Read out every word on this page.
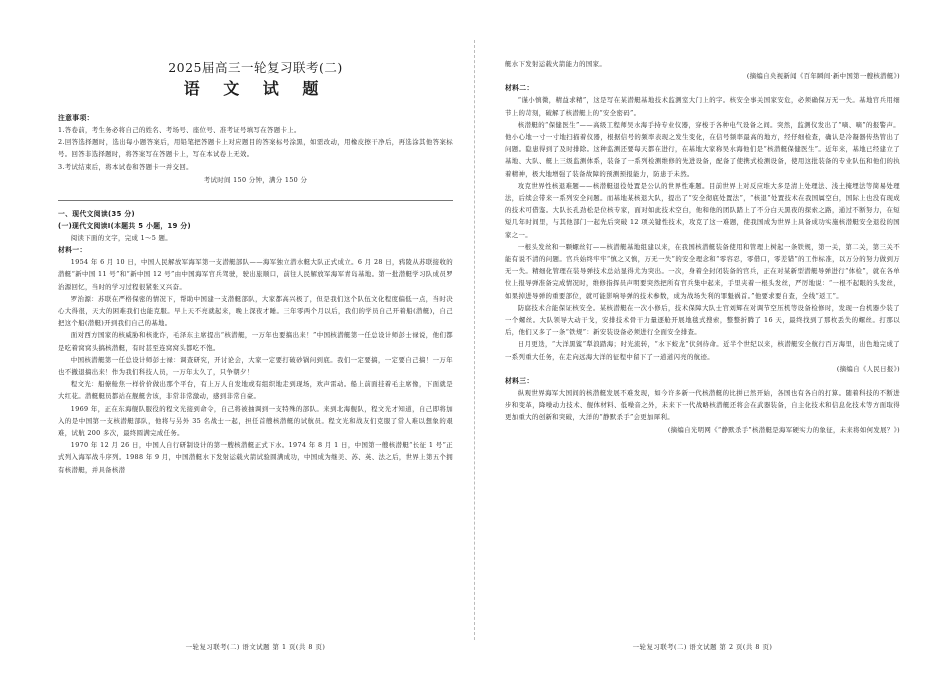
2025届高三一轮复习联考(二)
语 文 试 题

注意事项：

1.答卷前，考生务必将自己的姓名、考场号、座位号、准考证号填写在答题卡上。

2.回答选择题时，选出每小题答案后，用铅笔把答题卡上对应题目的答案标号涂黑，如需改动，用橡皮擦干净后，再选涂其他答案标号。回答非选择题时，将答案写在答题卡上，写在本试卷上无效。

3.考试结束后，将本试卷和答题卡一并交回。

考试时间 150 分钟，满分 150 分

一、现代文阅读(35 分)

(一)现代文阅读Ⅰ(本题共 5 小题，19 分)

阅读下面的文字，完成 1～5 题。

材料一：

1954 年 6 月 10 日，中国人民解放军海军第一支潜艇部队——海军独立潜水艇大队正式成立。6 月 28 日，鸦陵从苏联接收的潜艇“新中国 11 号”和“新中国 12 号”由中国海军官兵驾驶，驶出旅顺口，前往人民解放军海军青岛基地。第一批潜艇学习队成员罗治源回忆，当时的学习过程很紧张又兴奋。

罗治源：苏联在严格保密的情况下，帮助中国建一支潜艇部队，大家都高兴极了，但是我们这个队伍文化程度偏低一点，当时决心大得很，天大的困难我们也能克服。早上天不亮就起来，晚上深夜才睡。三年零两个月以后，我们的学员自己开着船(潜艇)，自己把这个船(潜艇)开到我们自己的基地。

面对西方国家的核威胁和核讹诈，毛泽东主席提出“核潜艇，一万年也要搞出来！”中国核潜艇第一任总设计师彭士禄说，他们都是吃着窝窝头搞核潜艇，有时甚至连窝窝头都吃不饱。

中国核潜艇第一任总设计师彭士禄：调查研究，开讨论会，大家一定要打破砂锅问到底。我们一定要搞，一定要自己搞！一万年也不撤退搞出来！作为我们科技人员，一万年太久了，只争朝夕！

程文光：船僚舱焦一样价价做出那个平台，有上万人自发地或有组织地走到现场，欢声雷动。船上前面挂着毛主席像，下面就是大红花。潜艇艇员都站在舰艇舍该，非常非常激动，感到非常自豪。

1969 年，正在东海舰队服役的程文光接到命令，自己将被抽调到一支特殊的部队。来到北海舰队，程文光才知道，自己即将加入的是中国第一支核潜艇部队，他将与另外 35 名战士一起，担任首艘核潜艇的试航员。程文光和战友们克服了常人难以想象的艰难，试航 200 多次，最终圆满完成任务。

1970 年 12 月 26 日，中国人自行研制设计的第一艘核潜艇正式下水。1974 年 8 月 1 日，中国第一艘核潜艇“长征 1 号”正式列入海军战斗序列。1988 年 9 月，中国潜艇水下发射运载火箭试验圆满成功，中国成为继美、苏、英、法之后，世界上第五个拥有核潜艇，并具备核潜

一轮复习联考(二) 语文试题 第 1 页(共 8 页)

艇水下发射运载火箭能力的国家。

(摘编自央视新闻《百年瞬间·新中国第一艘核潜艇》)

材料二：

“谨小慎微，精益求精”，这是写在某潜艇基地技术监测室大门上的字。核安全事关国家安危，必须确保万无一失。基地官兵用细节上的苛刻，破解了核潜艇上的“安全密码”。

核潜艇的“保健医生”——高级工程师吴水海手持专业仪器，穿梭于各种电气设备之间。突然，监测仪发出了“嘀、嘀”的报警声。他小心地一寸一寸地扫描着仪器，根据信号的频率表现之发生变化，在信号频率最高的地方，经仔细检查，确认是冷凝器传热管出了问题。隐患得到了及时排除。这种监测还要每天都在进行，在基地大家称吴水海他们是“核潜艇保健医生”。近年来，基地已经建立了基地、大队、艇上三级监测体系，装备了一系列检测维修的先进设备，配备了使携式检测设备，使用这批装备的专业队伍和他们的执着精神，极大地增强了装备故障的预测预报能力，防患于未然。

攻克世界性核退难题——核潜艇退役处置是公认的世界性难题。目前世界上对反应堆大多是清上处理法、浅土掩埋法等简易处理法，后续会带来一系列安全问题。而基地某核退大队，提出了“安全彻底处置法”，“核退”处置技术在我国属空白，国际上也没有现成的技术可借鉴。大队长孔劲松是位核专家，面对如此技术空白，他和他的团队踏上了不分白天黑夜的探索之路，通过不断努力，在短短几年时间里，与其他部门一起先后突破 12 项关键性技术，攻克了这一难题，使我国成为世界上具备成功实施核潜艇安全退役的国家之一。

一根头发丝和一颗螺丝钉——核潜艇基地组建以来，在我国核潜艇装备使用和管理上树起一条铁规，第一关，第二关，第三关不能有说不清的问题。官兵始终牢牢“慎之又慎，万无一失”的安全理念和“零容忍，零借口，零差错”的工作标准，以万分的努力做到万无一失。精细化管理在装导弹技术总站显得尤为突出。一次，身着全封闭装备的官兵，正在对某新型潜艇导弹进行“体检”，就在各单位上报导弹准备完成情况时，维修指挥员声明要突然把所有官兵集中起来，手里夹着一根头发丝，严厉地说：“一根不起眼的头发丝，如果掉进导弹的重要部位，就可能影响导弹的技术参数，成为战场失利的罪魁祸首。”他要求要自查，全线“返工”。

防腐技术合能保证核安全。某核潜艇在一次小修后，技术保障大队士官刘辉在对调节空压机等设备检修时，发现一台机器少装了一个螺丝。大队领导大动干戈，安排技术骨干力量逐舱开展地毯式搜索，整整折腾了 16 天，最终找到了那枚丢失的螺丝。打那以后，他们又多了一条“铁规”：新安装设备必须进行全面安全排查。

日月更迭，“大洋黑鲨”犁浪踏海；时光流转，“水下蛟龙”伏剑待命。近半个世纪以来，核潜艇安全航行百万海里，出色地完成了一系列重大任务，在走向远海大洋的征程中留下了一道道闪亮的航迹。

(摘编自《人民日报》)

材料三：

纵观世界海军大国间的核潜艇发展不难发现，如今许多新一代核潜艇的比拼已然开始，各国也有各自的打算。随着科技的不断进步和变革，降噪动力技术、舰体材料、低噪音之外，未来下一代战略核潜艇还将会在武器装备，自主化技术和信息化技术等方面取得更加重大的创新和突破，大洋的“静默杀手”会更加犀利。

(摘编自光明网《“静默杀手”核潜艇是海军硬实力的象征，未来将如何发展？》)

一轮复习联考(二) 语文试题 第 2 页(共 8 页)
